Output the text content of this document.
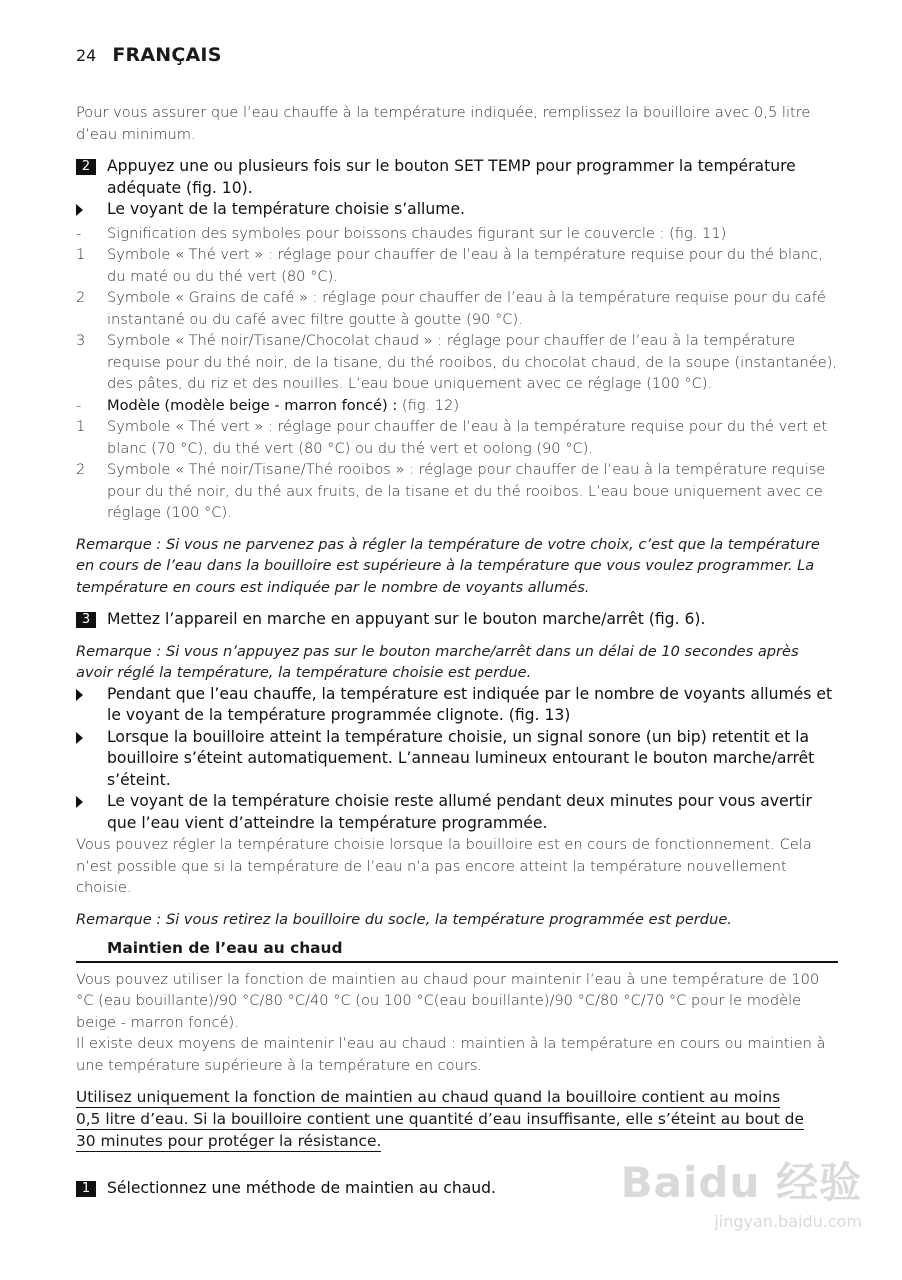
24 FRANÇAIS

Pour vous assurer que l’eau chauffe à la température indiquée, remplissez la bouilloire avec 0,5 litre d’eau minimum.

2	Appuyez une ou plusieurs fois sur le bouton SET TEMP pour programmer la température adéquate (fig. 10).
Le voyant de la température choisie s’allume.
-	Signification des symboles pour boissons chaudes figurant sur le couvercle : (fig. 11)
1	Symbole « Thé vert » : réglage pour chauffer de l’eau à la température requise pour du thé blanc, du maté ou du thé vert (80 °C).
2	Symbole « Grains de café » : réglage pour chauffer de l’eau à la température requise pour du café instantané ou du café avec filtre goutte à goutte (90 °C).
3	Symbole « Thé noir/Tisane/Chocolat chaud » : réglage pour chauffer de l’eau à la température requise pour du thé noir, de la tisane, du thé rooibos, du chocolat chaud, de la soupe (instantanée), des pâtes, du riz et des nouilles. L’eau boue uniquement avec ce réglage (100 °C).
-	Modèle (modèle beige - marron foncé) : (fig. 12)
1	Symbole « Thé vert » : réglage pour chauffer de l’eau à la température requise pour du thé vert et blanc (70 °C), du thé vert (80 °C) ou du thé vert et oolong (90 °C).
2	Symbole « Thé noir/Tisane/Thé rooibos » : réglage pour chauffer de l’eau à la température requise pour du thé noir, du thé aux fruits, de la tisane et du thé rooibos. L’eau boue uniquement avec ce réglage (100 °C).

Remarque : Si vous ne parvenez pas à régler la température de votre choix, c’est que la température en cours de l’eau dans la bouilloire est supérieure à la température que vous voulez programmer. La température en cours est indiquée par le nombre de voyants allumés.

3	Mettez l’appareil en marche en appuyant sur le bouton marche/arrêt (fig. 6).

Remarque : Si vous n’appuyez pas sur le bouton marche/arrêt dans un délai de 10 secondes après avoir réglé la température, la température choisie est perdue.

Pendant que l’eau chauffe, la température est indiquée par le nombre de voyants allumés et le voyant de la température programmée clignote. (fig. 13)
Lorsque la bouilloire atteint la température choisie, un signal sonore (un bip) retentit et la bouilloire s’éteint automatiquement. L’anneau lumineux entourant le bouton marche/arrêt s’éteint.
Le voyant de la température choisie reste allumé pendant deux minutes pour vous avertir que l’eau vient d’atteindre la température programmée.

Vous pouvez régler la température choisie lorsque la bouilloire est en cours de fonctionnement. Cela n’est possible que si la température de l’eau n’a pas encore atteint la température nouvellement choisie.

Remarque : Si vous retirez la bouilloire du socle, la température programmée est perdue.

Maintien de l’eau au chaud

Vous pouvez utiliser la fonction de maintien au chaud pour maintenir l’eau à une température de 100 °C (eau bouillante)/90 °C/80 °C/40 °C (ou 100 °C(eau bouillante)/90 °C/80 °C/70 °C pour le modèle beige - marron foncé).

Il existe deux moyens de maintenir l’eau au chaud : maintien à la température en cours ou maintien à une température supérieure à la température en cours.

Utilisez uniquement la fonction de maintien au chaud quand la bouilloire contient au moins 0,5 litre d’eau. Si la bouilloire contient une quantité d’eau insuffisante, elle s’éteint au bout de 30 minutes pour protéger la résistance.
1	Sélectionnez une méthode de maintien au chaud.	Baidu 经验
jingyan.baidu.com
